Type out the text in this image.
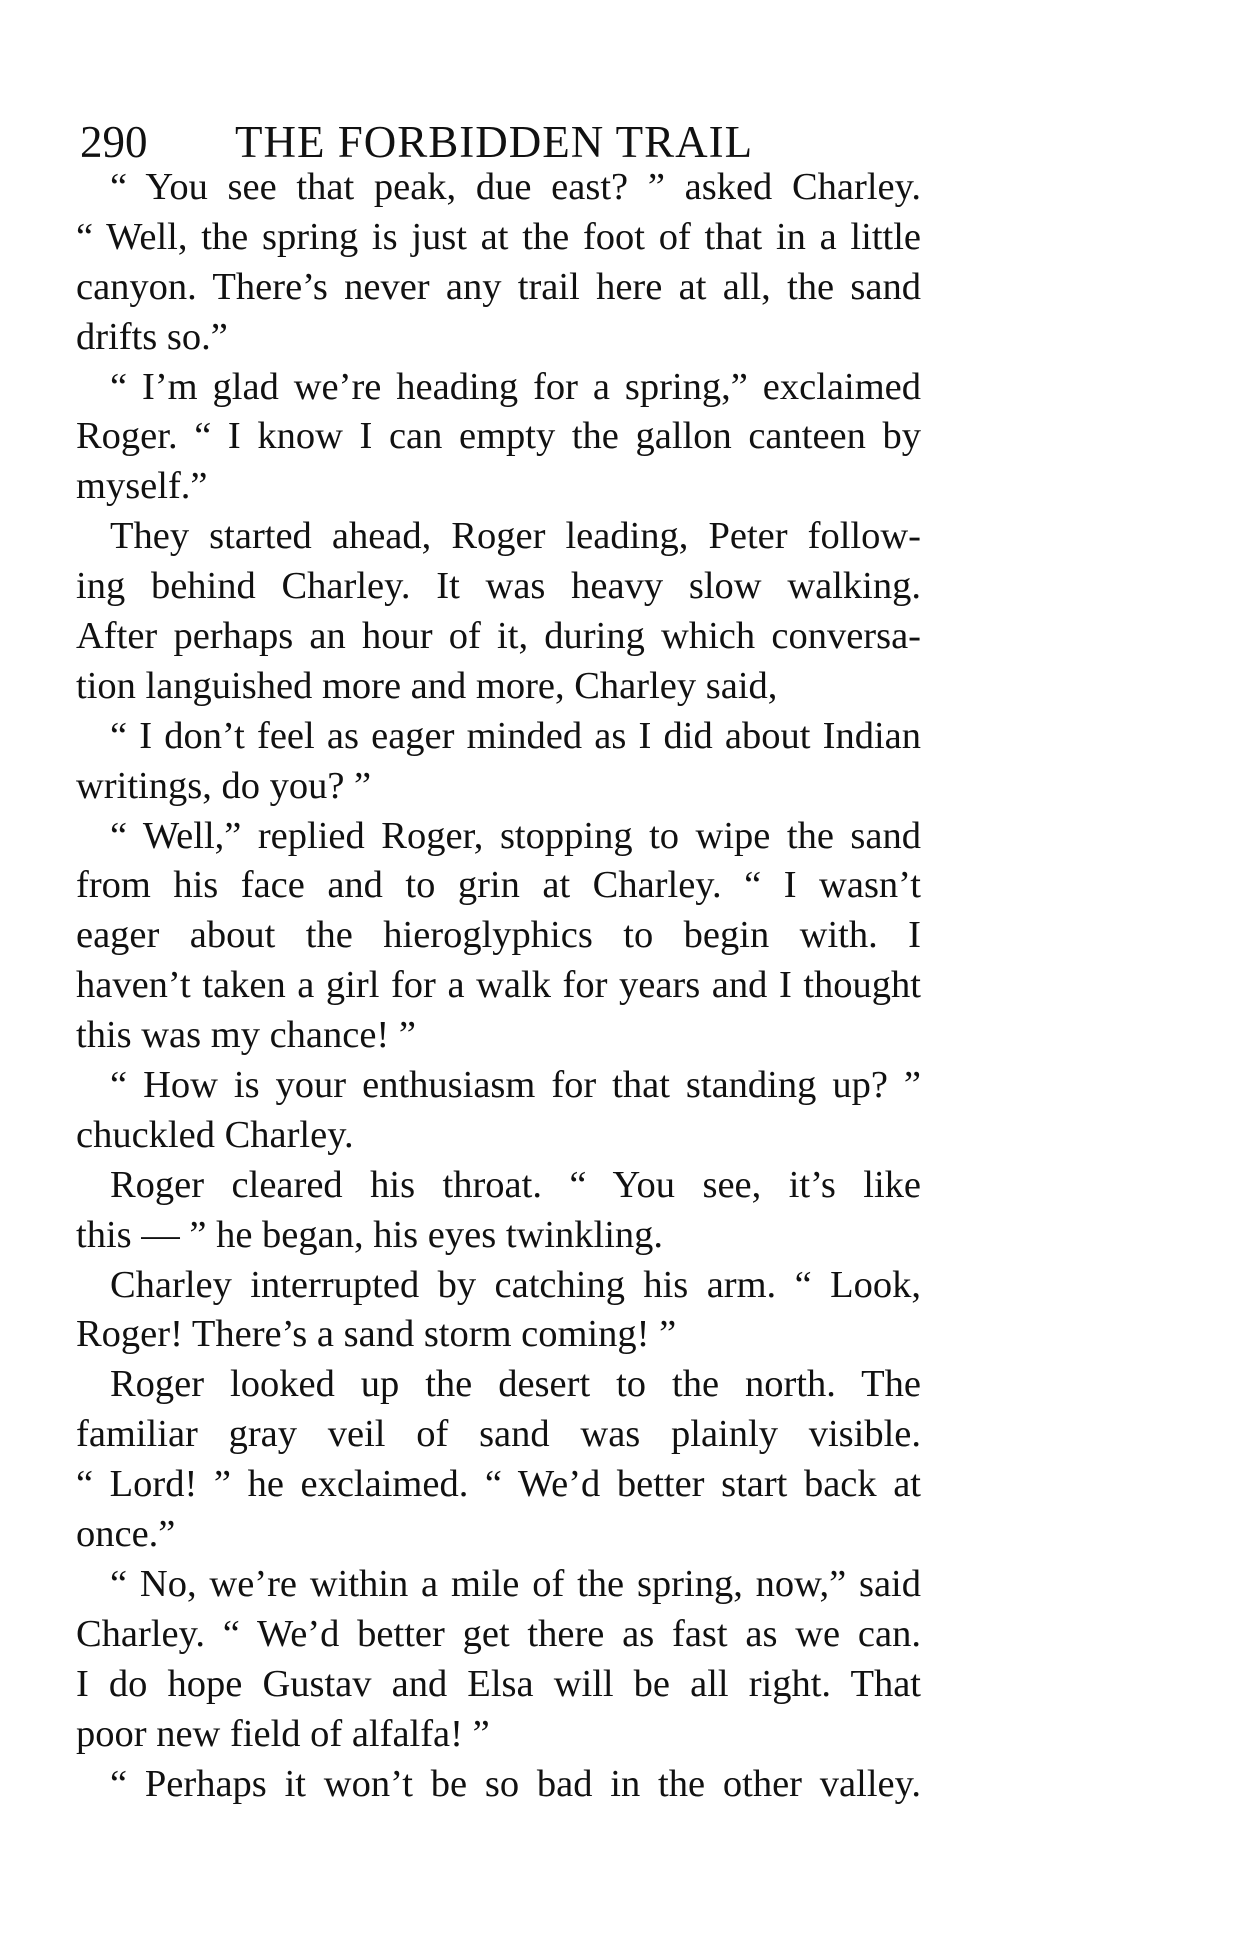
290 THE FORBIDDEN TRAIL
“ You see that peak, due east? ” asked Charley.
“ Well, the spring is just at the foot of that in a little
canyon. There’s never any trail here at all, the sand
drifts so.”
“ I’m glad we’re heading for a spring,” exclaimed
Roger. “ I know I can empty the gallon canteen by
myself.”
They started ahead, Roger leading, Peter follow-
ing behind Charley. It was heavy slow walking.
After perhaps an hour of it, during which conversa-
tion languished more and more, Charley said,
“ I don’t feel as eager minded as I did about Indian
writings, do you? ”
“ Well,” replied Roger, stopping to wipe the sand
from his face and to grin at Charley. “ I wasn’t
eager about the hieroglyphics to begin with. I
haven’t taken a girl for a walk for years and I thought
this was my chance! ”
“ How is your enthusiasm for that standing up? ”
chuckled Charley.
Roger cleared his throat. “ You see, it’s like
this — ” he began, his eyes twinkling.
Charley interrupted by catching his arm. “ Look,
Roger! There’s a sand storm coming! ”
Roger looked up the desert to the north. The
familiar gray veil of sand was plainly visible.
“ Lord! ” he exclaimed. “ We’d better start back at
once.”
“ No, we’re within a mile of the spring, now,” said
Charley. “ We’d better get there as fast as we can.
I do hope Gustav and Elsa will be all right. That
poor new field of alfalfa! ”
“ Perhaps it won’t be so bad in the other valley.
